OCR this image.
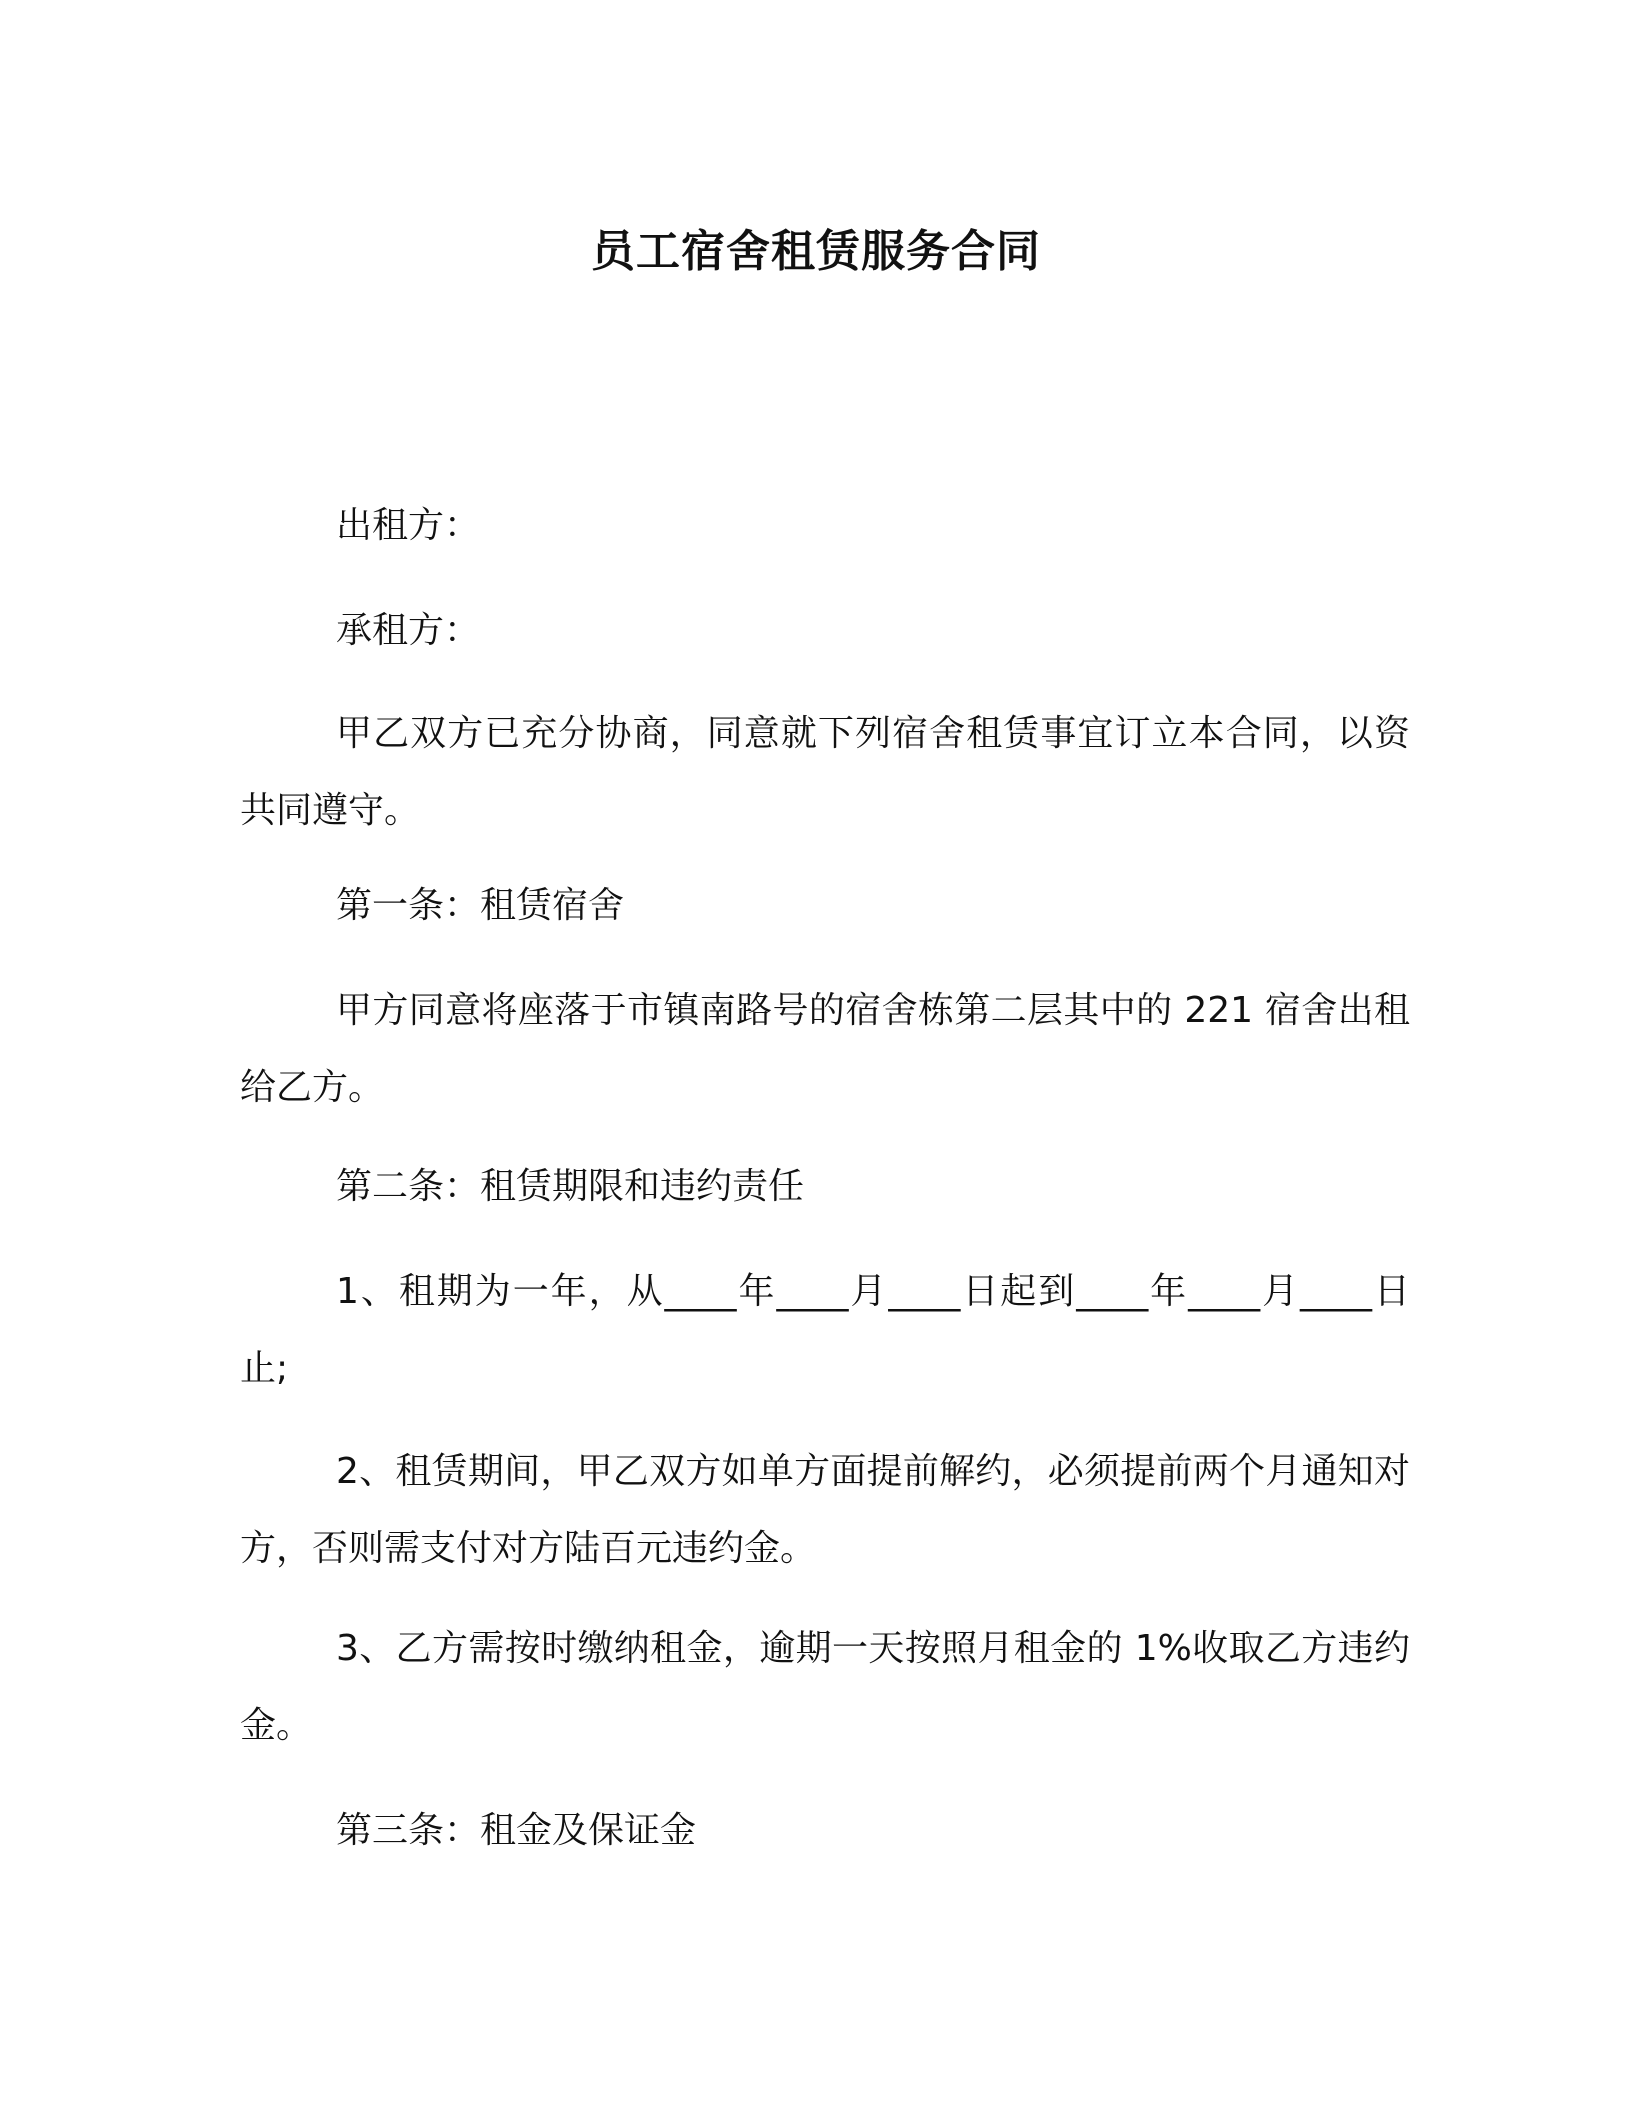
员工宿舍租赁服务合同

出租方：

承租方：

甲乙双方已充分协商，同意就下列宿舍租赁事宜订立本合同，以资共同遵守。

第一条：租赁宿舍

甲方同意将座落于市镇南路号的宿舍栋第二层其中的 221 宿舍出租给乙方。

第二条：租赁期限和违约责任

1、租期为一年，从____年____月____日起到____年____月____日止;

2、租赁期间，甲乙双方如单方面提前解约，必须提前两个月通知对方，否则需支付对方陆百元违约金。

3、乙方需按时缴纳租金，逾期一天按照月租金的 1%收取乙方违约金。

第三条：租金及保证金
